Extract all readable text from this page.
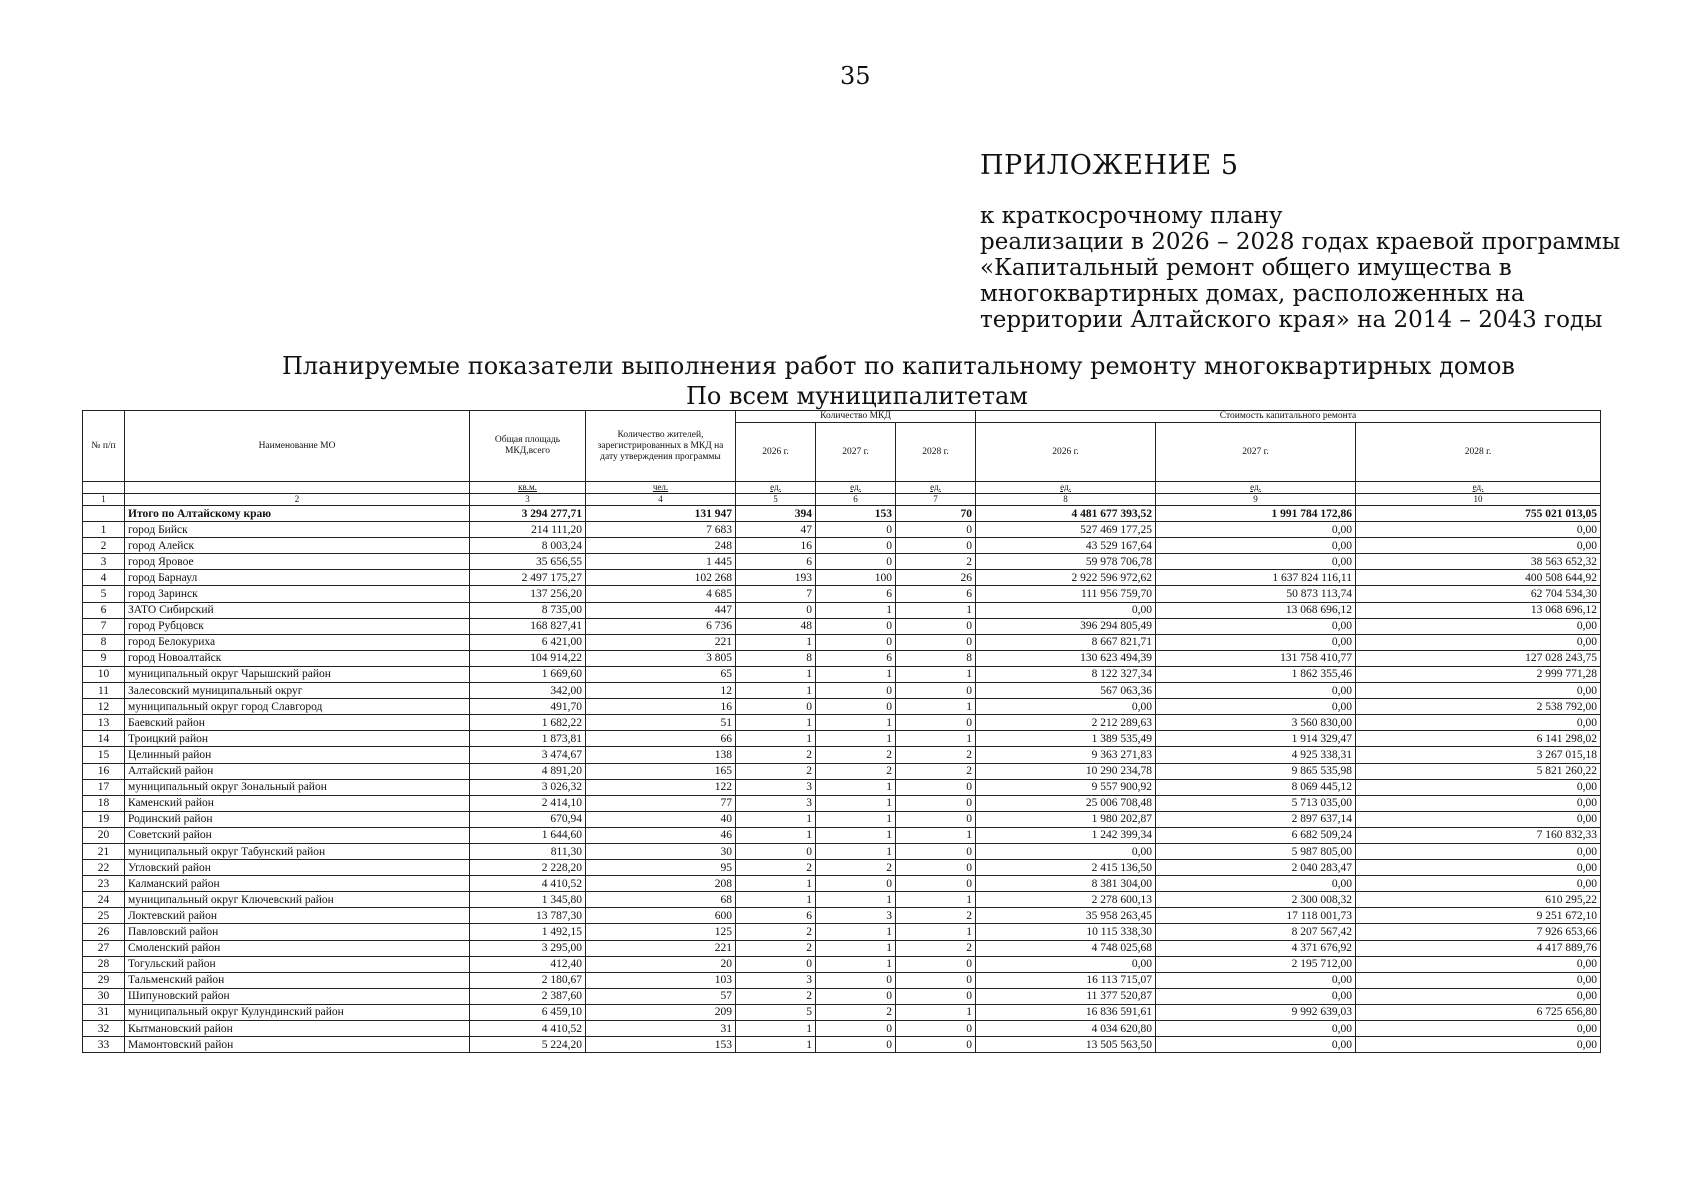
35
ПРИЛОЖЕНИЕ 5
к краткосрочному плану
реализации в 2026 – 2028 годах краевой программы
«Капитальный ремонт общего имущества в
многоквартирных домах, расположенных на
территории Алтайского края» на 2014 – 2043 годы
Планируемые показатели выполнения работ по капитальному ремонту многоквартирных домов
По всем муниципалитетам
№ п/п	Наименование МО	Общая площадь МКД,всего	Количество жителей, зарегистрированных в МКД на дату утверждения программы	Количество МКД			Стоимость капитального ремонта		
				2026 г.	2027 г.	2028 г.	2026 г.	2027 г.	2028 г.
		кв.м.	чел.	ед.	ед.	ед.	ед.	ед.	ед.
1	2	3	4	5	6	7	8	9	10
	Итого по Алтайскому краю	3 294 277,71	131 947	394	153	70	4 481 677 393,52	1 991 784 172,86	755 021 013,05
1	город Бийск	214 111,20	7 683	47	0	0	527 469 177,25	0,00	0,00
2	город Алейск	8 003,24	248	16	0	0	43 529 167,64	0,00	0,00
3	город Яровое	35 656,55	1 445	6	0	2	59 978 706,78	0,00	38 563 652,32
4	город Барнаул	2 497 175,27	102 268	193	100	26	2 922 596 972,62	1 637 824 116,11	400 508 644,92
5	город Заринск	137 256,20	4 685	7	6	6	111 956 759,70	50 873 113,74	62 704 534,30
6	ЗАТО Сибирский	8 735,00	447	0	1	1	0,00	13 068 696,12	13 068 696,12
7	город Рубцовск	168 827,41	6 736	48	0	0	396 294 805,49	0,00	0,00
8	город Белокуриха	6 421,00	221	1	0	0	8 667 821,71	0,00	0,00
9	город Новоалтайск	104 914,22	3 805	8	6	8	130 623 494,39	131 758 410,77	127 028 243,75
10	муниципальный округ Чарышский район	1 669,60	65	1	1	1	8 122 327,34	1 862 355,46	2 999 771,28
11	Залесовский муниципальный округ	342,00	12	1	0	0	567 063,36	0,00	0,00
12	муниципальный округ город Славгород	491,70	16	0	0	1	0,00	0,00	2 538 792,00
13	Баевский район	1 682,22	51	1	1	0	2 212 289,63	3 560 830,00	0,00
14	Троицкий район	1 873,81	66	1	1	1	1 389 535,49	1 914 329,47	6 141 298,02
15	Целинный район	3 474,67	138	2	2	2	9 363 271,83	4 925 338,31	3 267 015,18
16	Алтайский район	4 891,20	165	2	2	2	10 290 234,78	9 865 535,98	5 821 260,22
17	муниципальный округ Зональный район	3 026,32	122	3	1	0	9 557 900,92	8 069 445,12	0,00
18	Каменский район	2 414,10	77	3	1	0	25 006 708,48	5 713 035,00	0,00
19	Родинский район	670,94	40	1	1	0	1 980 202,87	2 897 637,14	0,00
20	Советский район	1 644,60	46	1	1	1	1 242 399,34	6 682 509,24	7 160 832,33
21	муниципальный округ Табунский район	811,30	30	0	1	0	0,00	5 987 805,00	0,00
22	Угловский район	2 228,20	95	2	2	0	2 415 136,50	2 040 283,47	0,00
23	Калманский район	4 410,52	208	1	0	0	8 381 304,00	0,00	0,00
24	муниципальный округ Ключевский район	1 345,80	68	1	1	1	2 278 600,13	2 300 008,32	610 295,22
25	Локтевский район	13 787,30	600	6	3	2	35 958 263,45	17 118 001,73	9 251 672,10
26	Павловский район	1 492,15	125	2	1	1	10 115 338,30	8 207 567,42	7 926 653,66
27	Смоленский район	3 295,00	221	2	1	2	4 748 025,68	4 371 676,92	4 417 889,76
28	Тогульский район	412,40	20	0	1	0	0,00	2 195 712,00	0,00
29	Тальменский район	2 180,67	103	3	0	0	16 113 715,07	0,00	0,00
30	Шипуновский район	2 387,60	57	2	0	0	11 377 520,87	0,00	0,00
31	муниципальный округ Кулундинский район	6 459,10	209	5	2	1	16 836 591,61	9 992 639,03	6 725 656,80
32	Кытмановский район	4 410,52	31	1	0	0	4 034 620,80	0,00	0,00
33	Мамонтовский район	5 224,20	153	1	0	0	13 505 563,50	0,00	0,00
